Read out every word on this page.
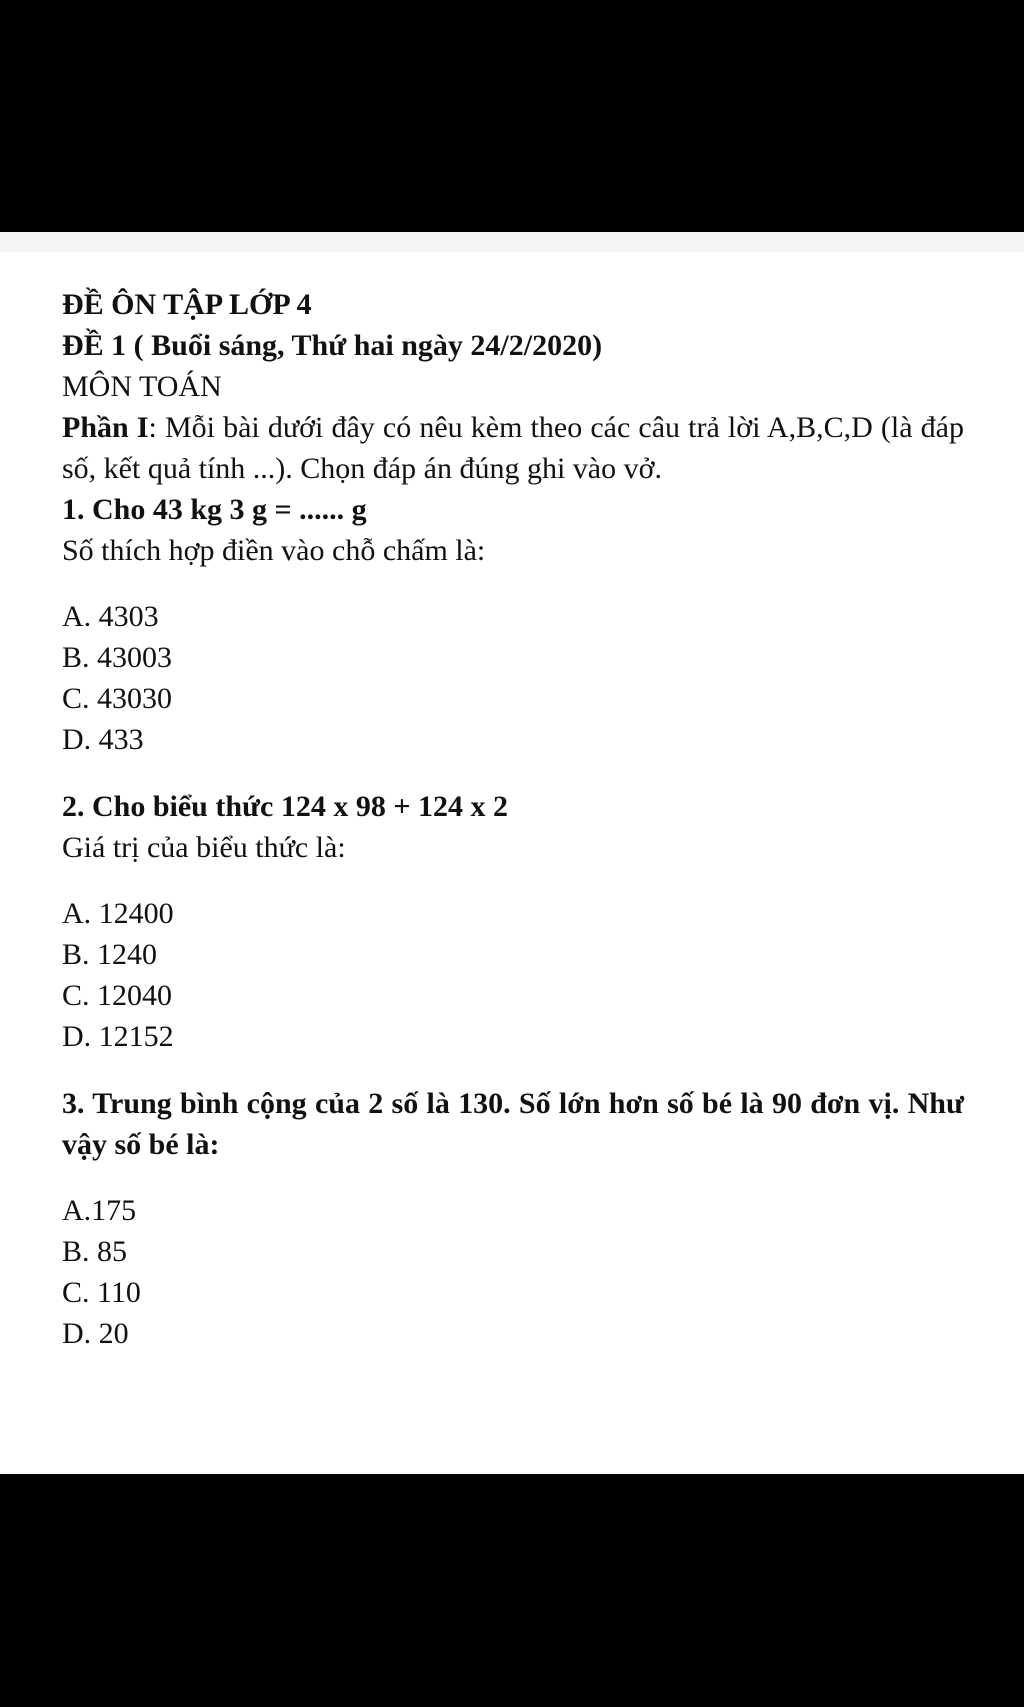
ĐỀ ÔN TẬP LỚP 4
ĐỀ 1 ( Buổi sáng, Thứ hai ngày 24/2/2020)
MÔN TOÁN
Phần I: Mỗi bài dưới đây có nêu kèm theo các câu trả lời A,B,C,D (là đáp số, kết quả tính ...). Chọn đáp án đúng ghi vào vở.
1. Cho 43 kg 3 g = ...... g
Số thích hợp điền vào chỗ chấm là:
A. 4303
B. 43003
C. 43030
D. 433
2. Cho biểu thức 124 x 98 + 124 x 2
Giá trị của biểu thức là:
A. 12400
B. 1240
C. 12040
D. 12152
3. Trung bình cộng của 2 số là 130. Số lớn hơn số bé là 90 đơn vị. Như vậy số bé là:
A.175
B. 85
C. 110
D. 20
